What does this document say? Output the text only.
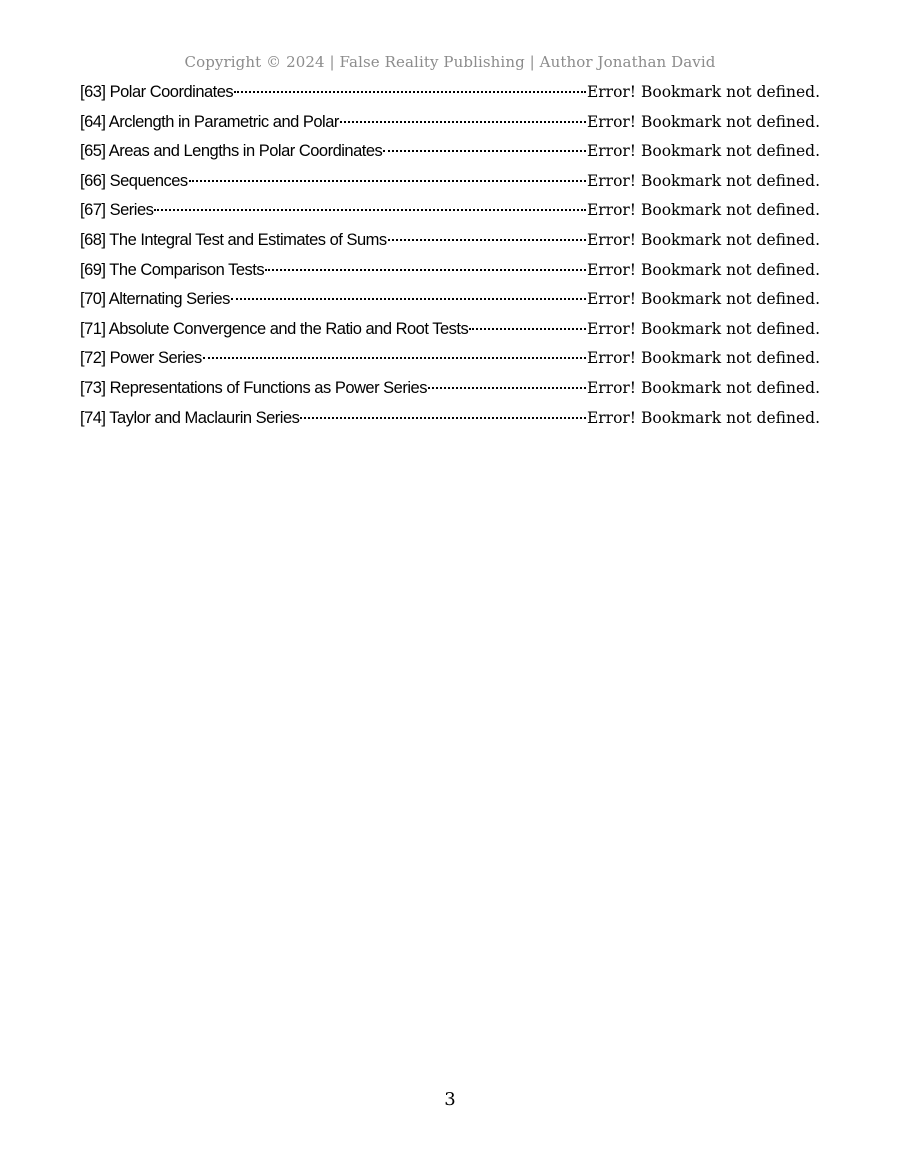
Copyright © 2024 | False Reality Publishing | Author Jonathan David
[63] Polar Coordinates	Error! Bookmark not defined.
[64] Arclength in Parametric and Polar	Error! Bookmark not defined.
[65] Areas and Lengths in Polar Coordinates	Error! Bookmark not defined.
[66] Sequences	Error! Bookmark not defined.
[67] Series	Error! Bookmark not defined.
[68] The Integral Test and Estimates of Sums	Error! Bookmark not defined.
[69] The Comparison Tests	Error! Bookmark not defined.
[70] Alternating Series	Error! Bookmark not defined.
[71] Absolute Convergence and the Ratio and Root Tests	Error! Bookmark not defined.
[72] Power Series	Error! Bookmark not defined.
[73] Representations of Functions as Power Series	Error! Bookmark not defined.
[74] Taylor and Maclaurin Series	Error! Bookmark not defined.
3
